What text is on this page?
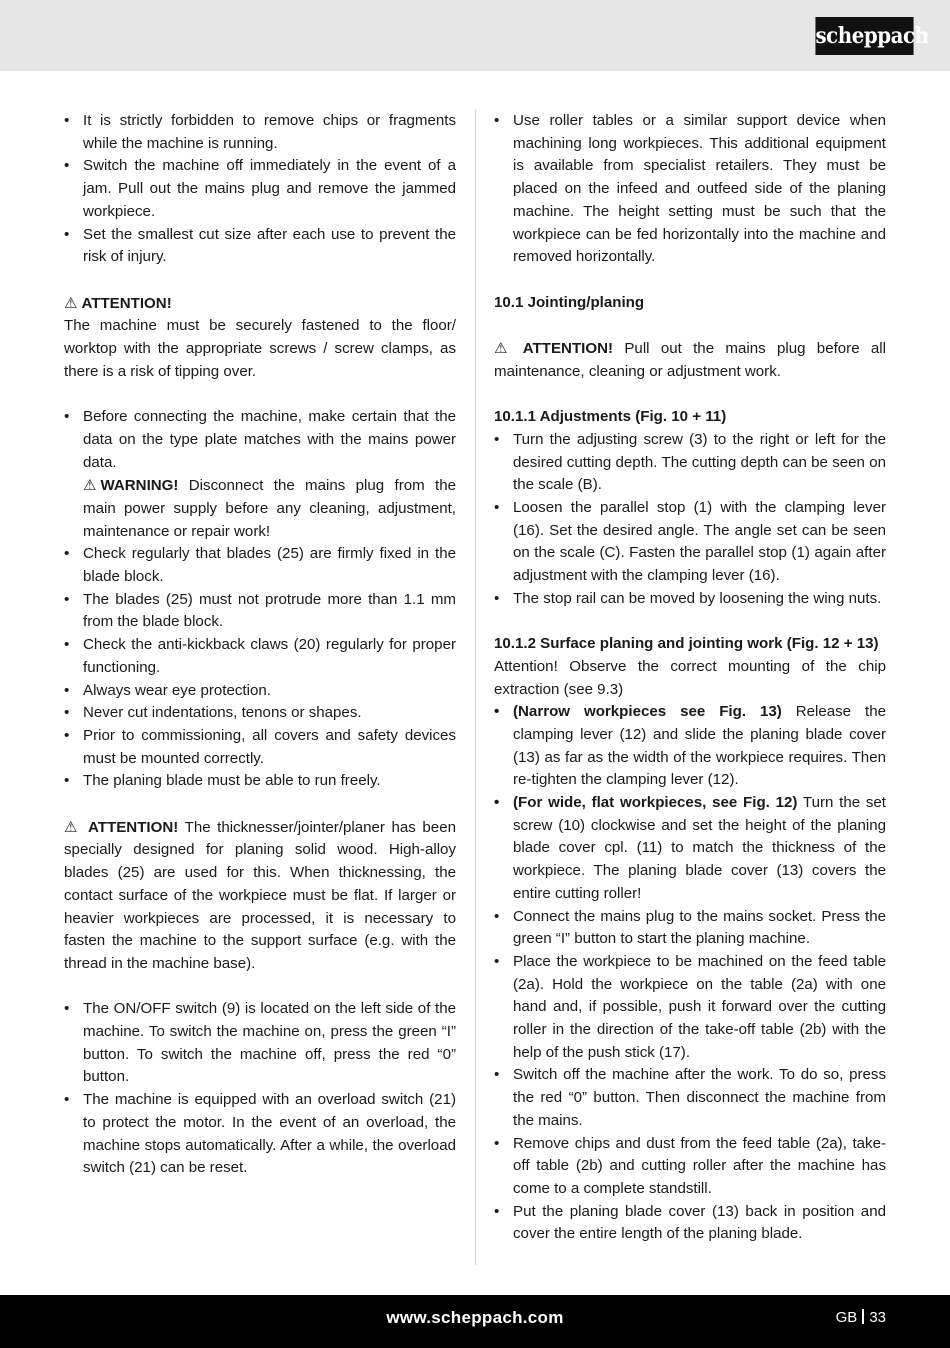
scheppach
• It is strictly forbidden to remove chips or fragments while the machine is running.
• Switch the machine off immediately in the event of a jam. Pull out the mains plug and remove the jammed workpiece.
• Set the smallest cut size after each use to prevent the risk of injury.

⚠ ATTENTION!

The machine must be securely fastened to the floor/ worktop with the appropriate screws / screw clamps, as there is a risk of tipping over.

• Before connecting the machine, make certain that the data on the type plate matches with the mains power data.
⚠ WARNING! Disconnect the mains plug from the main power supply before any cleaning, adjustment, maintenance or repair work!
• Check regularly that blades (25) are firmly fixed in the blade block.
• The blades (25) must not protrude more than 1.1 mm from the blade block.
• Check the anti-kickback claws (20) regularly for proper functioning.
• Always wear eye protection.
• Never cut indentations, tenons or shapes.
• Prior to commissioning, all covers and safety devices must be mounted correctly.
• The planing blade must be able to run freely.

⚠ ATTENTION! The thicknesser/jointer/planer has been specially designed for planing solid wood. High-alloy blades (25) are used for this. When thicknessing, the contact surface of the workpiece must be flat. If larger or heavier workpieces are processed, it is necessary to fasten the machine to the support surface (e.g. with the thread in the machine base).

• The ON/OFF switch (9) is located on the left side of the machine. To switch the machine on, press the green “I” button. To switch the machine off, press the red “0” button.
• The machine is equipped with an overload switch (21) to protect the motor. In the event of an overload, the machine stops automatically. After a while, the overload switch (21) can be reset.
• Use roller tables or a similar support device when machining long workpieces. This additional equipment is available from specialist retailers. They must be placed on the infeed and outfeed side of the planing machine. The height setting must be such that the workpiece can be fed horizontally into the machine and removed horizontally.

10.1 Jointing/planing

⚠ ATTENTION! Pull out the mains plug before all maintenance, cleaning or adjustment work.

10.1.1 Adjustments (Fig. 10 + 11)

• Turn the adjusting screw (3) to the right or left for the desired cutting depth. The cutting depth can be seen on the scale (B).
• Loosen the parallel stop (1) with the clamping lever (16). Set the desired angle. The angle set can be seen on the scale (C). Fasten the parallel stop (1) again after adjustment with the clamping lever (16).
• The stop rail can be moved by loosening the wing nuts.

10.1.2 Surface planing and jointing work (Fig. 12 + 13)

Attention! Observe the correct mounting of the chip extraction (see 9.3)

• (Narrow workpieces see Fig. 13) Release the clamping lever (12) and slide the planing blade cover (13) as far as the width of the workpiece requires. Then re-tighten the clamping lever (12).
• (For wide, flat workpieces, see Fig. 12) Turn the set screw (10) clockwise and set the height of the planing blade cover cpl. (11) to match the thickness of the workpiece. The planing blade cover (13) covers the entire cutting roller!
• Connect the mains plug to the mains socket. Press the green “I” button to start the planing machine.
• Place the workpiece to be machined on the feed table (2a). Hold the workpiece on the table (2a) with one hand and, if possible, push it forward over the cutting roller in the direction of the take-off table (2b) with the help of the push stick (17).
• Switch off the machine after the work. To do so, press the red “0” button. Then disconnect the machine from the mains.
• Remove chips and dust from the feed table (2a), take-off table (2b) and cutting roller after the machine has come to a complete standstill.
• Put the planing blade cover (13) back in position and cover the entire length of the planing blade.
www.scheppach.com	GB 33
